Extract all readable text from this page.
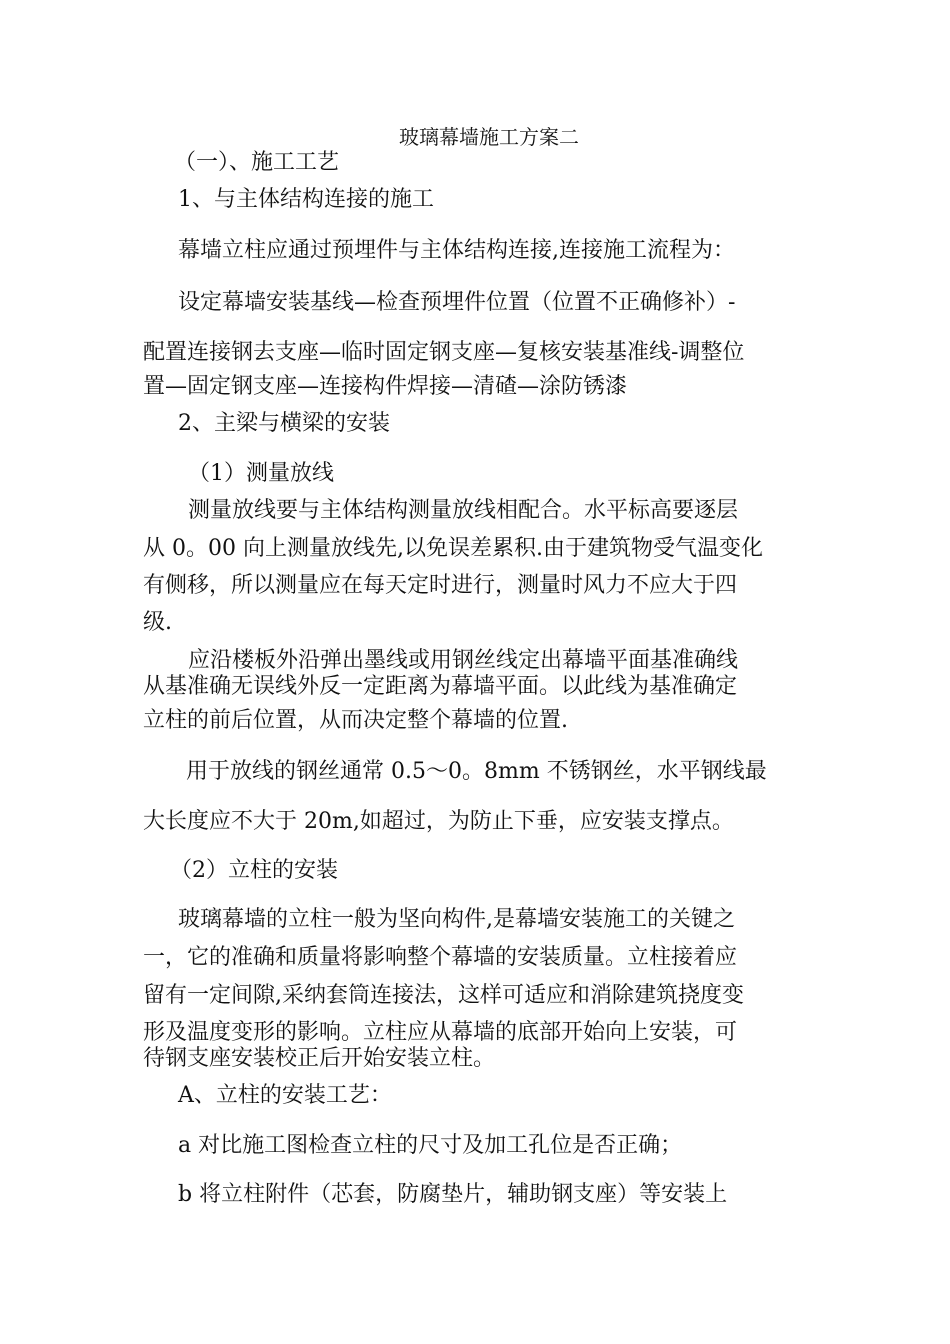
玻璃幕墙施工方案二
（一）、施工工艺
1、与主体结构连接的施工
幕墙立柱应通过预埋件与主体结构连接,连接施工流程为：
设定幕墙安装基线—检查预埋件位置（位置不正确修补）-
配置连接钢去支座—临时固定钢支座—复核安装基准线-调整位
置—固定钢支座—连接构件焊接—清碴—涂防锈漆
2、主梁与横梁的安装
（1）测量放线
测量放线要与主体结构测量放线相配合。水平标高要逐层
从 0。00 向上测量放线先,以免误差累积.由于建筑物受气温变化
有侧移，所以测量应在每天定时进行，测量时风力不应大于四
级.
应沿楼板外沿弹出墨线或用钢丝线定出幕墙平面基准确线
从基准确无误线外反一定距离为幕墙平面。以此线为基准确定
立柱的前后位置，从而决定整个幕墙的位置.
用于放线的钢丝通常 0.5～0。8mm 不锈钢丝，水平钢线最
大长度应不大于 20m,如超过，为防止下垂，应安装支撑点。
（2）立柱的安装
玻璃幕墙的立柱一般为坚向构件,是幕墙安装施工的关键之
一，它的准确和质量将影响整个幕墙的安装质量。立柱接着应
留有一定间隙,采纳套筒连接法，这样可适应和消除建筑挠度变
形及温度变形的影响。立柱应从幕墙的底部开始向上安装，可
待钢支座安装校正后开始安装立柱。
A、立柱的安装工艺：
a 对比施工图检查立柱的尺寸及加工孔位是否正确；
b 将立柱附件（芯套，防腐垫片，辅助钢支座）等安装上
